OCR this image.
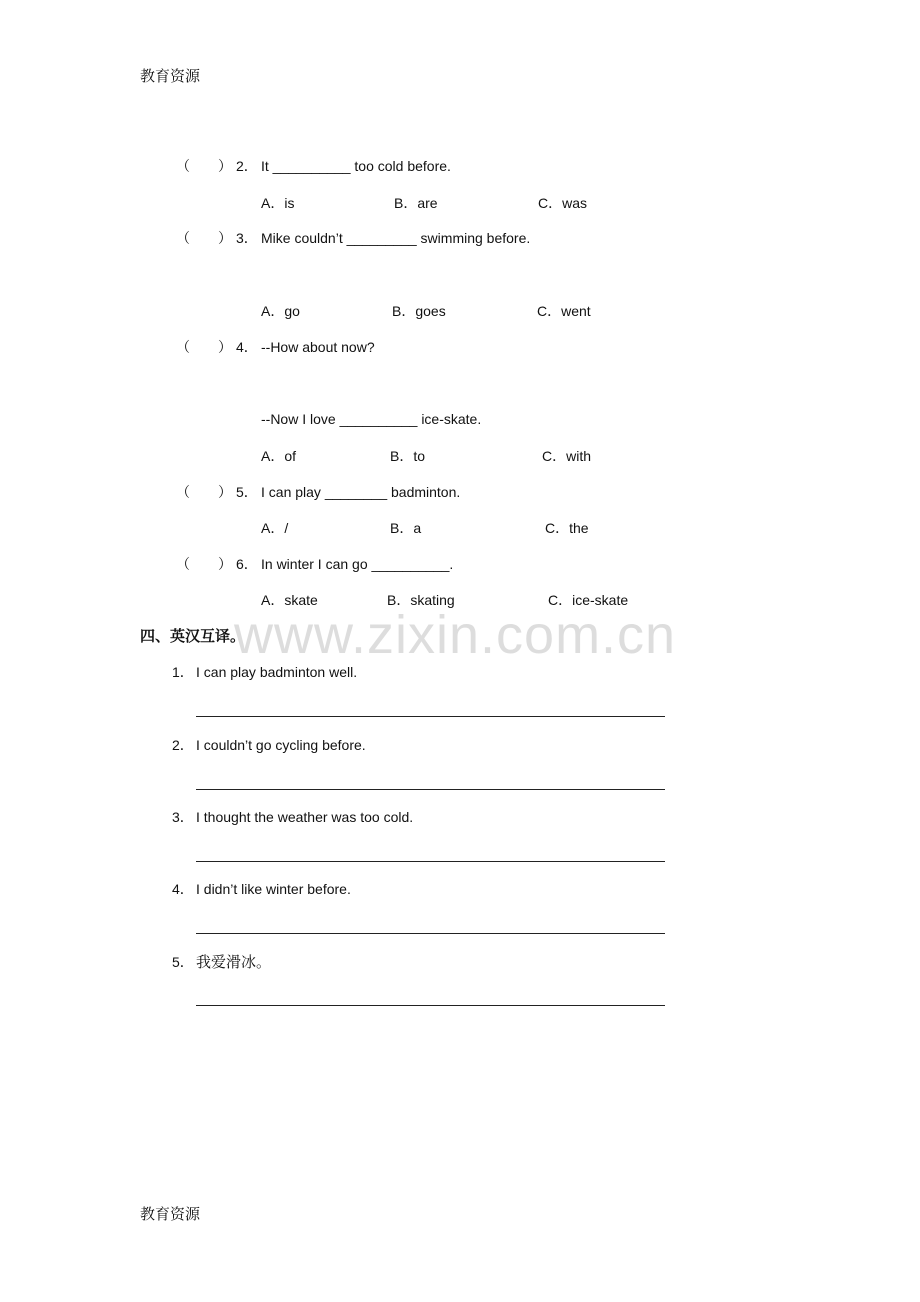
教育资源
www.zixin.com.cn
（　　） 2． It __________ too cold before.
A．is	B．are	C．was
（　　） 3． Mike couldn’t _________ swimming before.
A．go	B．goes	C．went
（　　） 4． --How about now?
--Now I love __________ ice-skate.
A．of	B．to	C．with
（　　） 5． I can play ________ badminton.
A．/	B．a	C．the
（　　） 6． In winter I can go __________.
A．skate	B．skating	C．ice-skate
四、英汉互译。
1． I can play badminton well.
2． I couldn’t go cycling before.
3． I thought the weather was too cold.
4． I didn’t like winter before.
5． 我爱滑冰。
教育资源
